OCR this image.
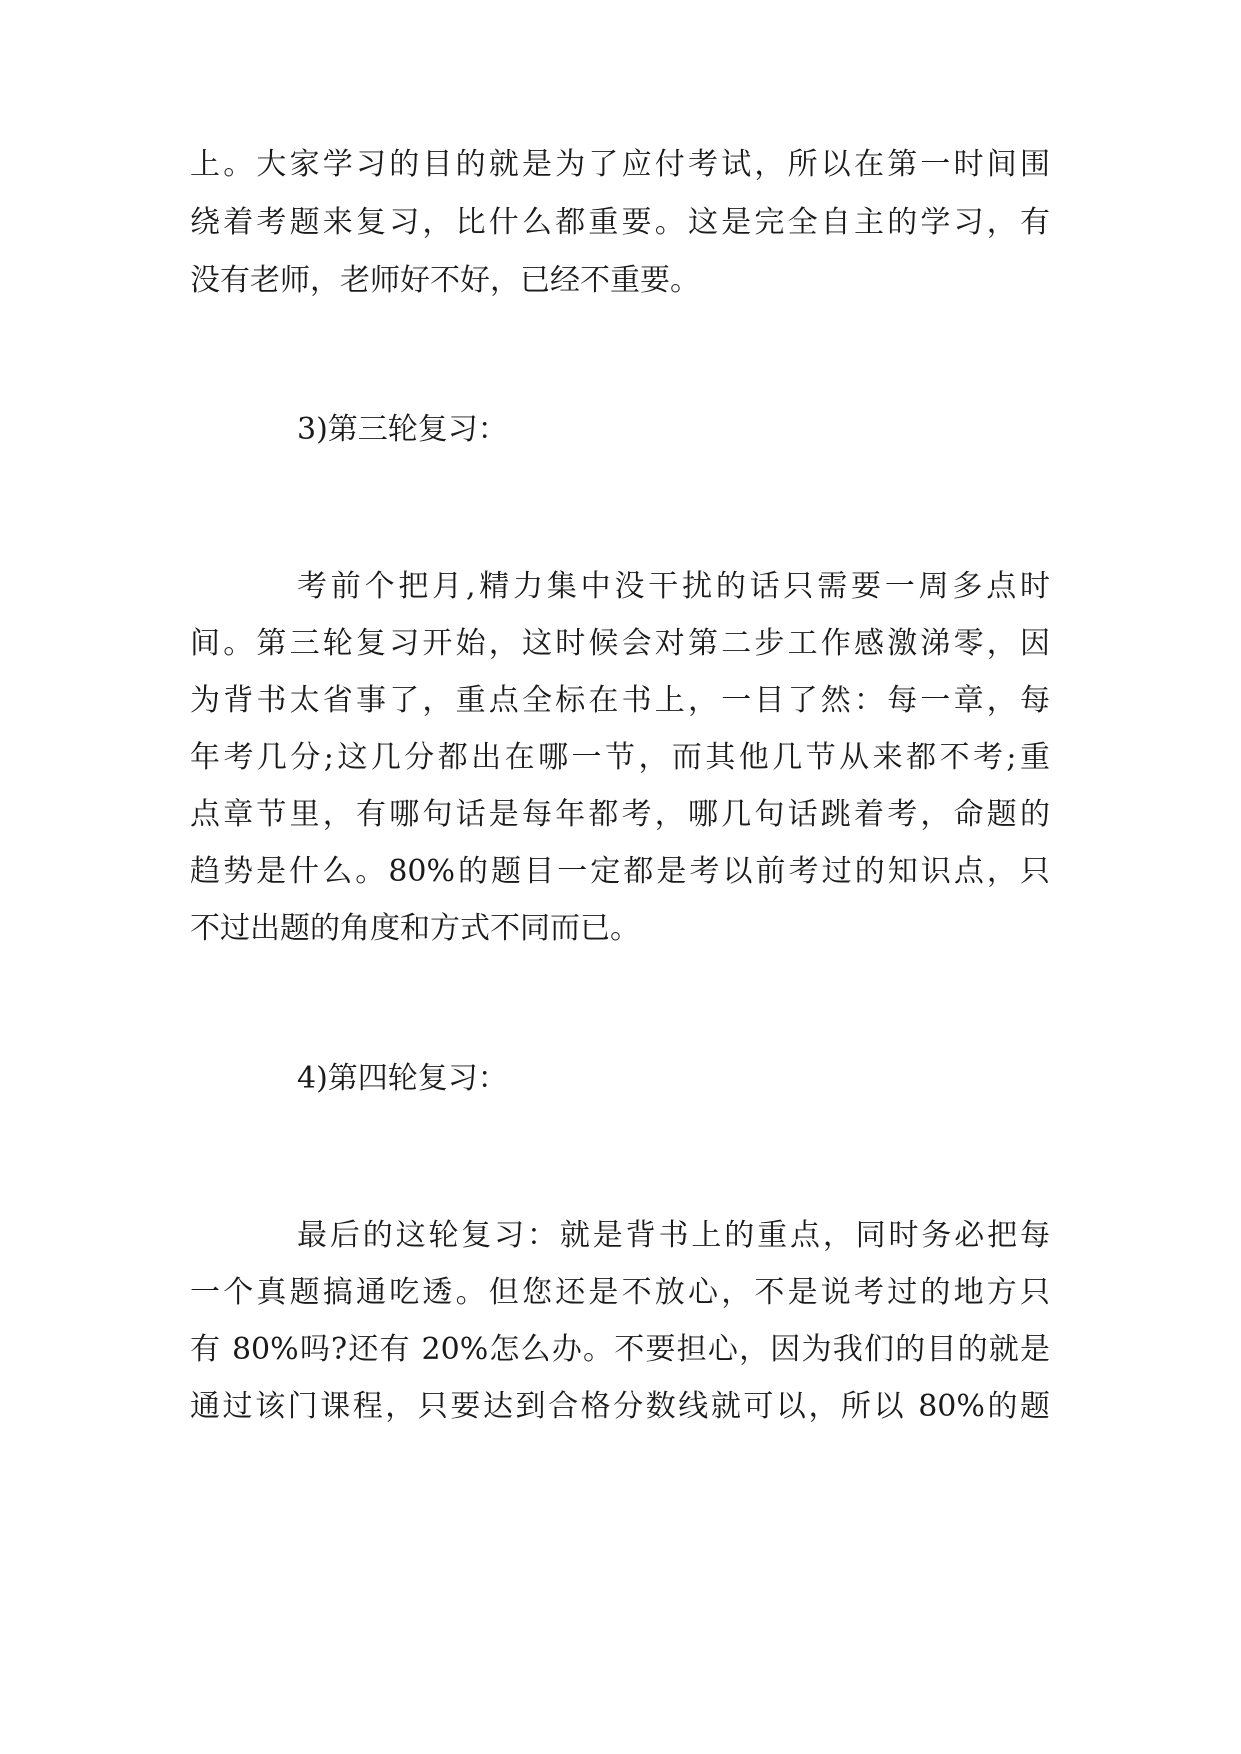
上。大家学习的目的就是为了应付考试，所以在第一时间围
绕着考题来复习，比什么都重要。这是完全自主的学习，有
没有老师，老师好不好，已经不重要。
3)第三轮复习：
考前个把月,精力集中没干扰的话只需要一周多点时
间。第三轮复习开始，这时候会对第二步工作感激涕零，因
为背书太省事了，重点全标在书上，一目了然：每一章，每
年考几分;这几分都出在哪一节，而其他几节从来都不考;重
点章节里，有哪句话是每年都考，哪几句话跳着考，命题的
趋势是什么。80%的题目一定都是考以前考过的知识点，只
不过出题的角度和方式不同而已。
4)第四轮复习：
最后的这轮复习：就是背书上的重点，同时务必把每
一个真题搞通吃透。但您还是不放心，不是说考过的地方只
有 80%吗?还有 20%怎么办。不要担心，因为我们的目的就是
通过该门课程，只要达到合格分数线就可以，所以 80%的题
